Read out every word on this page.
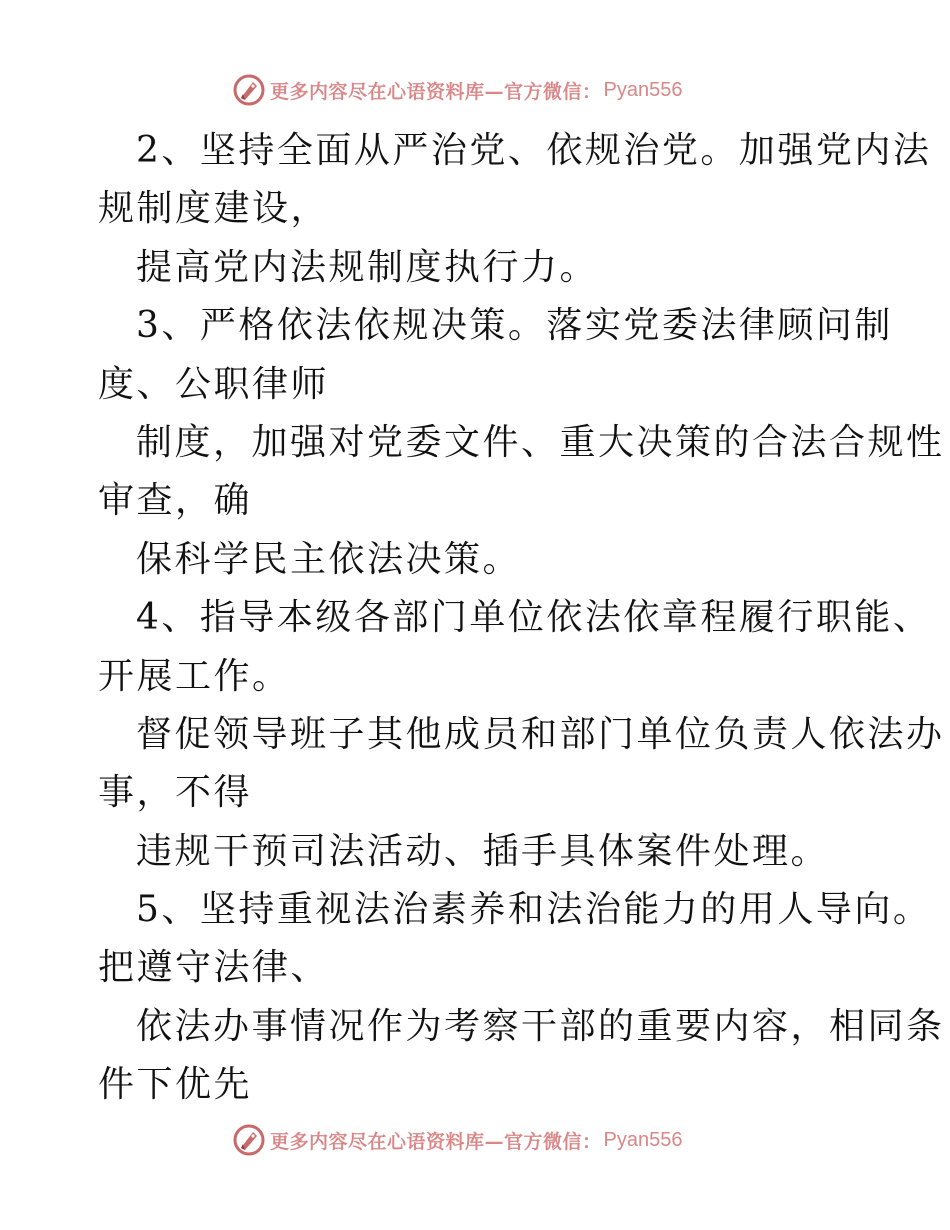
更多内容尽在心语资料库—官方微信： Pyan556
2、坚持全面从严治党、依规治党。加强党内法
规制度建设，
提高党内法规制度执行力。
3、严格依法依规决策。落实党委法律顾问制
度、公职律师
制度，加强对党委文件、重大决策的合法合规性
审查，确
保科学民主依法决策。
4、指导本级各部门单位依法依章程履行职能、
开展工作。
督促领导班子其他成员和部门单位负责人依法办
事，不得
违规干预司法活动、插手具体案件处理。
5、坚持重视法治素养和法治能力的用人导向。
把遵守法律、
依法办事情况作为考察干部的重要内容，相同条
件下优先
更多内容尽在心语资料库—官方微信： Pyan556
